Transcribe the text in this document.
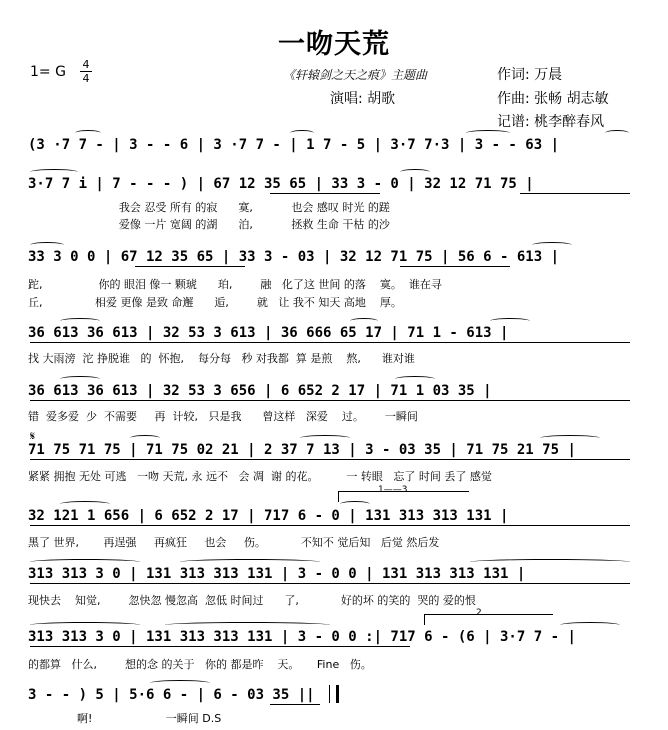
一吻天荒
1= G 4
4	《轩辕剑之天之痕》主题曲
演唱: 胡歌
作词: 万晨
作曲: 张畅 胡志敏
记谱: 桃李醉春风
𝄋
(3 ·7 7 - | 3 - - 6 | 3 ·7 7 - | 1 7 - 5 | 3·7 7·3 | 3 - - 63 |
3·7 7 i | 7 - - - ) | 67 12 35 65 | 33 3 - 0 | 32 12 71 75 |
我会 忍受 所有 的寂      寞,           也会 感叹 时光 的蹉
爱像 一片 宽阔 的湖      泊,           拯救 生命 干枯 的沙
33 3 0 0 | 67 12 35 65 | 33 3 - 03 | 32 12 71 75 | 56 6 - 613 |
跎,                你的 眼泪 像一 颗琥      珀,        融   化了这 世间 的落    寞。  谁在寻
丘,               相爱 更像 是致 命邂      逅,        就   让 我不 知天 高地    厚。
36 613 36 613 | 32 53 3 613 | 36 666 65 17 | 71 1 - 613 |
找 大雨滂  沱 挣脱谁   的  怀抱,    每分每   秒 对我都  算 是煎    熬,      谁对谁
36 613 36 613 | 32 53 3 656 | 6 652 2 17 | 71 1 03 35 |
错  爱多爱  少  不需要     再  计较,   只是我      曾这样   深爱    过。      一瞬间
71 75 71 75 | 71 75 02 21 | 2 37 7 13 | 3 - 03 35 | 71 75 21 75 |
紧紧 拥抱 无处 可逃   一吻 天荒, 永 远不   会 凋  谢 的花。        一 转眼   忘了 时间 丢了 感觉
1——3
32 121 1 656 | 6 652 2 17 | 717 6 - 0 | 131 313 313 131 |
黑了 世界,       再逞强     再疯狂     也会     伤。          不知不 觉后知   后觉 然后发
313 313 3 0 | 131 313 313 131 | 3 - 0 0 | 131 313 313 131 |
现快去    知觉,        忽快忽 慢忽高  忽低 时间过      了,            好的坏 的笑的  哭的 爱的恨
2
313 313 3 0 | 131 313 313 131 | 3 - 0 0 :| 717 6 - (6 | 3·7 7 - |
的都算   什么,        想的念 的关于   你的 都是昨    天。     Fine   伤。
3 - - ) 5 | 5·6 6 - | 6 - 03 35 ||
啊!                     一瞬间 D.S
